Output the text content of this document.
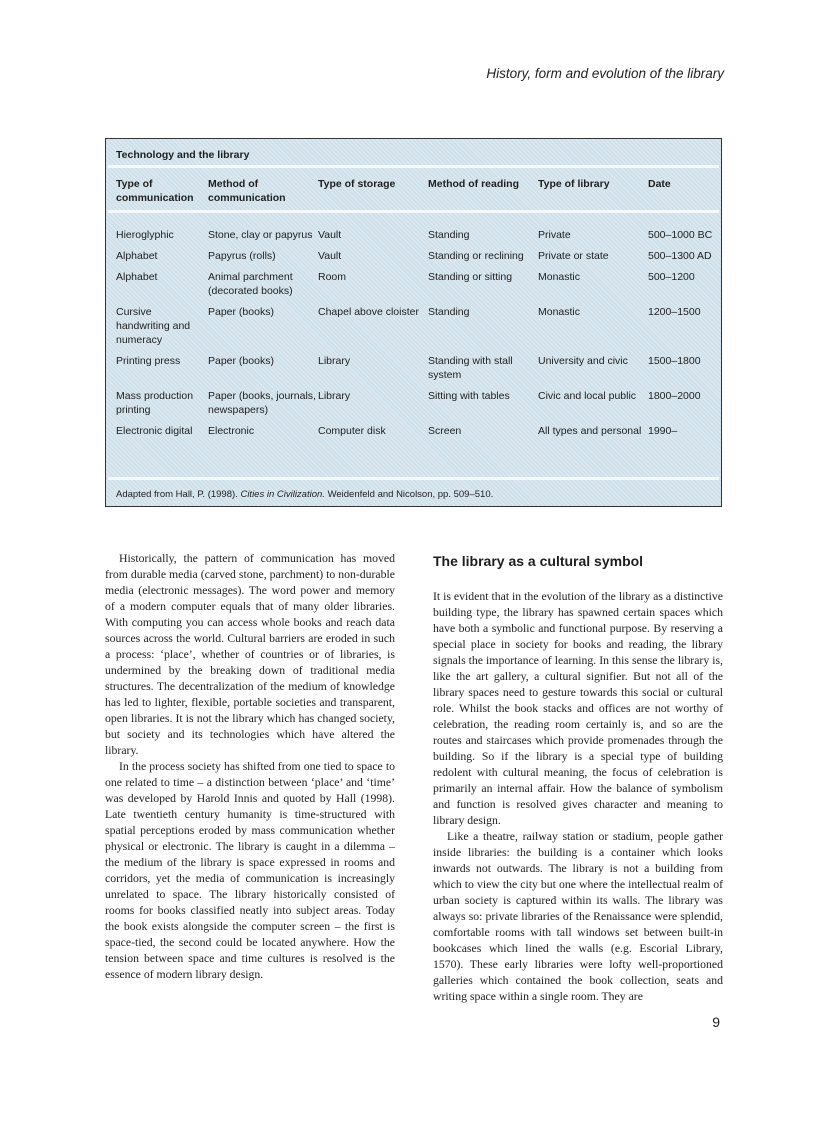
History, form and evolution of the library
Technology and the library
Type of communication	Method of communication	Type of storage	Method of reading	Type of library	Date

Hieroglyphic	Stone, clay or papyrus	Vault	Standing	Private	500–1000 BC
Alphabet	Papyrus (rolls)	Vault	Standing or reclining	Private or state	500–1300 AD
Alphabet	Animal parchment (decorated books)	Room	Standing or sitting	Monastic	500–1200
Cursive handwriting and numeracy	Paper (books)	Chapel above cloister	Standing	Monastic	1200–1500
Printing press	Paper (books)	Library	Standing with stall system	University and civic	1500–1800
Mass production printing	Paper (books, journals, newspapers)	Library	Sitting with tables	Civic and local public	1800–2000
Electronic digital	Electronic	Computer disk	Screen	All types and personal	1990–
Adapted from Hall, P. (1998). Cities in Civilization. Weidenfeld and Nicolson, pp. 509–510.

Historically, the pattern of communication has moved from durable media (carved stone, parchment) to non-durable media (electronic messages). The word power and memory of a modern computer equals that of many older libraries. With computing you can access whole books and reach data sources across the world. Cultural barriers are eroded in such a process: ‘place’, whether of countries or of libraries, is undermined by the breaking down of traditional media structures. The decentralization of the medium of knowledge has led to lighter, flexible, portable societies and transparent, open libraries. It is not the library which has changed society, but society and its technologies which have altered the library.

In the process society has shifted from one tied to space to one related to time – a distinction between ‘place’ and ‘time’ was developed by Harold Innis and quoted by Hall (1998). Late twentieth century humanity is time-structured with spatial perceptions eroded by mass communication whether physical or electronic. The library is caught in a dilemma – the medium of the library is space expressed in rooms and corridors, yet the media of communication is increasingly unrelated to space. The library historically consisted of rooms for books classified neatly into subject areas. Today the book exists alongside the computer screen – the first is space-tied, the second could be located anywhere. How the tension between space and time cultures is resolved is the essence of modern library design.

The library as a cultural symbol

It is evident that in the evolution of the library as a distinctive building type, the library has spawned certain spaces which have both a symbolic and functional purpose. By reserving a special place in society for books and reading, the library signals the importance of learning. In this sense the library is, like the art gallery, a cultural signifier. But not all of the library spaces need to gesture towards this social or cultural role. Whilst the book stacks and offices are not worthy of celebration, the reading room certainly is, and so are the routes and staircases which provide promenades through the building. So if the library is a special type of building redolent with cultural meaning, the focus of celebration is primarily an internal affair. How the balance of symbolism and function is resolved gives character and meaning to library design.

Like a theatre, railway station or stadium, people gather inside libraries: the building is a container which looks inwards not outwards. The library is not a building from which to view the city but one where the intellectual realm of urban society is captured within its walls. The library was always so: private libraries of the Renaissance were splendid, comfortable rooms with tall windows set between built-in bookcases which lined the walls (e.g. Escorial Library, 1570). These early libraries were lofty well-proportioned galleries which contained the book collection, seats and writing space within a single room. They are

9
